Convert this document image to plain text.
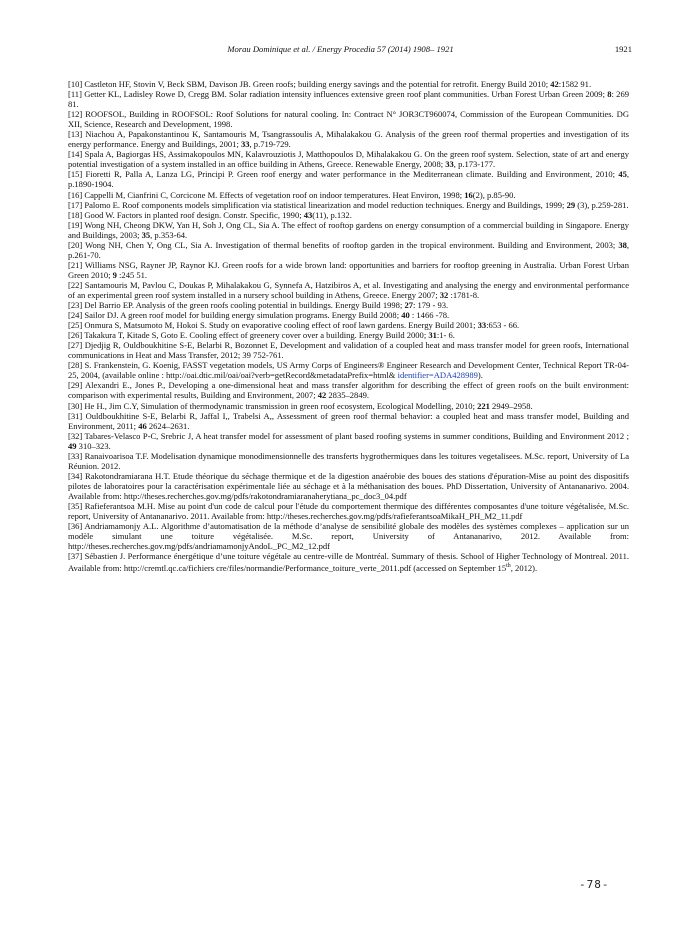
Morau Dominique et al. / Energy Procedia 57 (2014) 1908– 1921	1921

[10] Castleton HF, Stovin V, Beck SBM, Davison JB. Green roofs; building energy savings and the potential for retrofit. Energy Build 2010; 42:1582 91.

[11] Getter KL, Ladisley Rowe D, Cregg BM. Solar radiation intensity influences extensive green roof plant communities. Urban Forest Urban Green 2009; 8: 269 81.

[12] ROOFSOL, Building in ROOFSOL: Roof Solutions for natural cooling. In: Contract N° JOR3CT960074, Commission of the European Communities. DG XII, Science, Research and Development, 1998.

[13] Niachou A, Papakonstantinou K, Santamouris M, Tsangrassoulis A, Mihalakakou G. Analysis of the green roof thermal properties and investigation of its energy performance. Energy and Buildings, 2001; 33, p.719-729.

[14] Spala A, Bagiorgas HS, Assimakopoulos MN, Kalavrouziotis J, Matthopoulos D, Mihalakakou G. On the green roof system. Selection, state of art and energy potential investigation of a system installed in an office building in Athens, Greece. Renewable Energy, 2008; 33, p.173-177.

[15] Fioretti R, Palla A, Lanza LG, Principi P. Green roof energy and water performance in the Mediterranean climate. Building and Environment, 2010; 45, p.1890-1904.

[16] Cappelli M, Cianfrini C, Corcicone M. Effects of vegetation roof on indoor temperatures. Heat Environ, 1998; 16(2), p.85-90.

[17] Palomo E. Roof components models simplification via statistical linearization and model reduction techniques. Energy and Buildings, 1999; 29 (3), p.259-281.

[18] Good W. Factors in planted roof design. Constr. Specific, 1990; 43(11), p.132.

[19] Wong NH, Cheong DKW, Yan H, Soh J, Ong CL, Sia A. The effect of rooftop gardens on energy consumption of a commercial building in Singapore. Energy and Buildings, 2003; 35, p.353-64.

[20] Wong NH, Chen Y, Ong CL, Sia A. Investigation of thermal benefits of rooftop garden in the tropical environment. Building and Environment, 2003; 38, p.261-70.

[21] Williams NSG, Rayner JP, Raynor KJ. Green roofs for a wide brown land: opportunities and barriers for rooftop greening in Australia. Urban Forest Urban Green 2010; 9 :245 51.

[22] Santamouris M, Pavlou C, Doukas P, Mihalakakou G, Synnefa A, Hatzibiros A, et al. Investigating and analysing the energy and environmental performance of an experimental green roof system installed in a nursery school building in Athens, Greece. Energy 2007; 32 :1781-8.

[23] Del Barrio EP. Analysis of the green roofs cooling potential in buildings. Energy Build 1998; 27: 179 - 93.

[24] Sailor DJ. A green roof model for building energy simulation programs. Energy Build 2008; 40 : 1466 -78.

[25] Onmura S, Matsumoto M, Hokoi S. Study on evaporative cooling effect of roof lawn gardens. Energy Build 2001; 33:653 - 66.

[26] Takakura T, Kitade S, Goto E. Cooling effect of greenery cover over a building. Energy Build 2000; 31:1- 6.

[27] Djedjig R, Ouldboukhitine S-E, Belarbi R, Bozonnet E, Development and validation of a coupled heat and mass transfer model for green roofs, International communications in Heat and Mass Transfer, 2012; 39 752-761.

[28] S. Frankenstein, G. Koenig, FASST vegetation models, US Army Corps of Engineers® Engineer Research and Development Center, Technical Report TR-04-25, 2004, (available online : http://oai.dtic.mil/oai/oai?verb=getRecord&metadataPrefix=html& identifier=ADA428989).

[29] Alexandri E., Jones P., Developing a one-dimensional heat and mass transfer algorithm for describing the effect of green roofs on the built environment: comparison with experimental results, Building and Environment, 2007; 42 2835–2849.

[30] He H., Jim C.Y, Simulation of thermodynamic transmission in green roof ecosystem, Ecological Modelling, 2010; 221 2949–2958.

[31] Ouldboukhitine S-E, Belarbi R, Jaffal I,, Trabelsi A,, Assessment of green roof thermal behavior: a coupled heat and mass transfer model, Building and Environment, 2011; 46 2624–2631.

[32] Tabares-Velasco P-C, Srebric J, A heat transfer model for assessment of plant based roofing systems in summer conditions, Building and Environment 2012 ; 49 310–323.

[33] Ranaivoarisoa T.F. Modelisation dynamique monodimensionnelle des transferts hygrothermiques dans les toitures vegetalisees. M.Sc. report, University of La Réunion. 2012.

[34] Rakotondramiarana H.T. Etude théorique du séchage thermique et de la digestion anaérobie des boues des stations d'épuration-Mise au point des dispositifs pilotes de laboratoires pour la caractérisation expérimentale liée au séchage et à la méthanisation des boues. PhD Dissertation, University of Antananarivo. 2004. Available from: http://theses.recherches.gov.mg/pdfs/rakotondramiaranaherytiana_pc_doc3_04.pdf

[35] Rafieferantsoa M.H. Mise au point d'un code de calcul pour l'étude du comportement thermique des différentes composantes d'une toiture végétalisée, M.Sc. report, University of Antananarivo. 2011. Available from: http://theses.recherches.gov.mg/pdfs/rafieferantsoaMikaH_PH_M2_11.pdf

[36] Andriamamonjy A.L. Algorithme d’automatisation de la méthode d’analyse de sensibilité globale des modèles des systèmes complexes – application sur un modèle simulant une toiture végétalisée. M.Sc. report, University of Antananarivo, 2012. Available from: http://theses.recherches.gov.mg/pdfs/andriamamonjyAndoL_PC_M2_12.pdf

[37] Sébastien J. Performance énergétique d’une toiture végétale au centre-ville de Montréal. Summary of thesis. School of Higher Technology of Montreal. 2011. Available from: http://cremtl.qc.ca/fichiers cre/files/normandie/Performance_toiture_verte_2011.pdf (accessed on September 15th, 2012).

-78-
